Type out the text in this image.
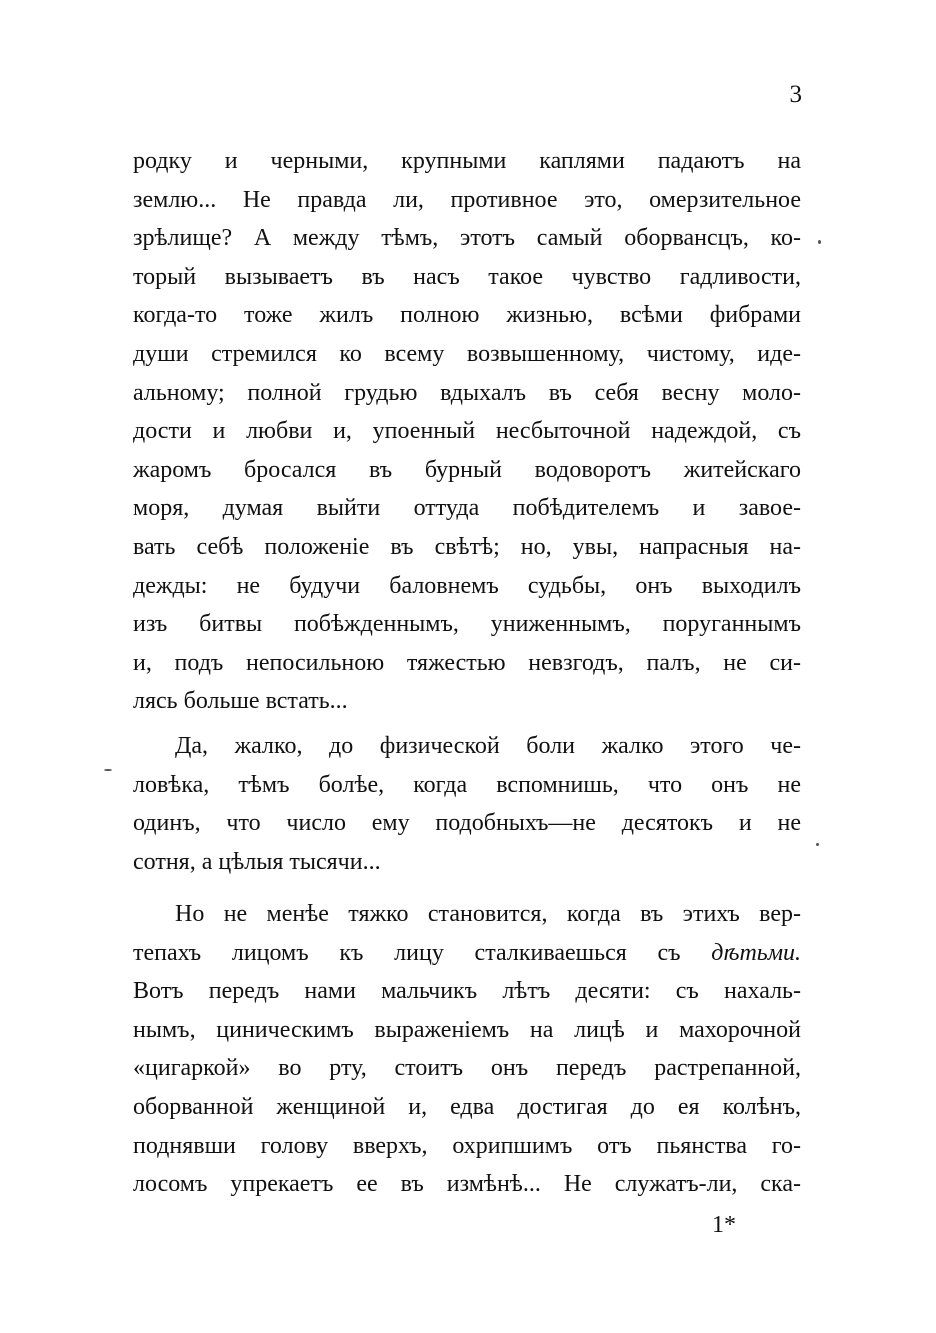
3
родку и черными, крупными каплями падаютъ на
землю... Не правда ли, противное это, омерзительное
зрѣлище? А между тѣмъ, этотъ самый оборвансцъ, ко-
торый вызываетъ въ насъ такое чувство гадливости,
когда-то тоже жилъ полною жизнью, всѣми фибрами
души стремился ко всему возвышенному, чистому, иде-
альному; полной грудью вдыхалъ въ себя весну моло-
дости и любви и, упоенный несбыточной надеждой, съ
жаромъ бросался въ бурный водоворотъ житейскаго
моря, думая выйти оттуда побѣдителемъ и завое-
вать себѣ положеніе въ свѣтѣ; но, увы, напрасныя на-
дежды: не будучи баловнемъ судьбы, онъ выходилъ
изъ битвы побѣжденнымъ, униженнымъ, поруганнымъ
и, подъ непосильною тяжестью невзгодъ, палъ, не си-
лясь больше встать...
Да, жалко, до физической боли жалко этого че-
ловѣка, тѣмъ болѣе, когда вспомнишь, что онъ не
одинъ, что число ему подобныхъ—не десятокъ и не
сотня, а цѣлыя тысячи...
Но не менѣе тяжко становится, когда въ этихъ вер-
тепахъ лицомъ къ лицу сталкиваешься съ дѣтьми.
Вотъ передъ нами мальчикъ лѣтъ десяти: съ нахаль-
нымъ, циническимъ выраженіемъ на лицѣ и махорочной
«цигаркой» во рту, стоитъ онъ передъ растрепанной,
оборванной женщиной и, едва достигая до ея колѣнъ,
поднявши голову вверхъ, охрипшимъ отъ пьянства го-
лосомъ упрекаетъ ее въ измѣнѣ... Не служатъ-ли, ска-
1*
